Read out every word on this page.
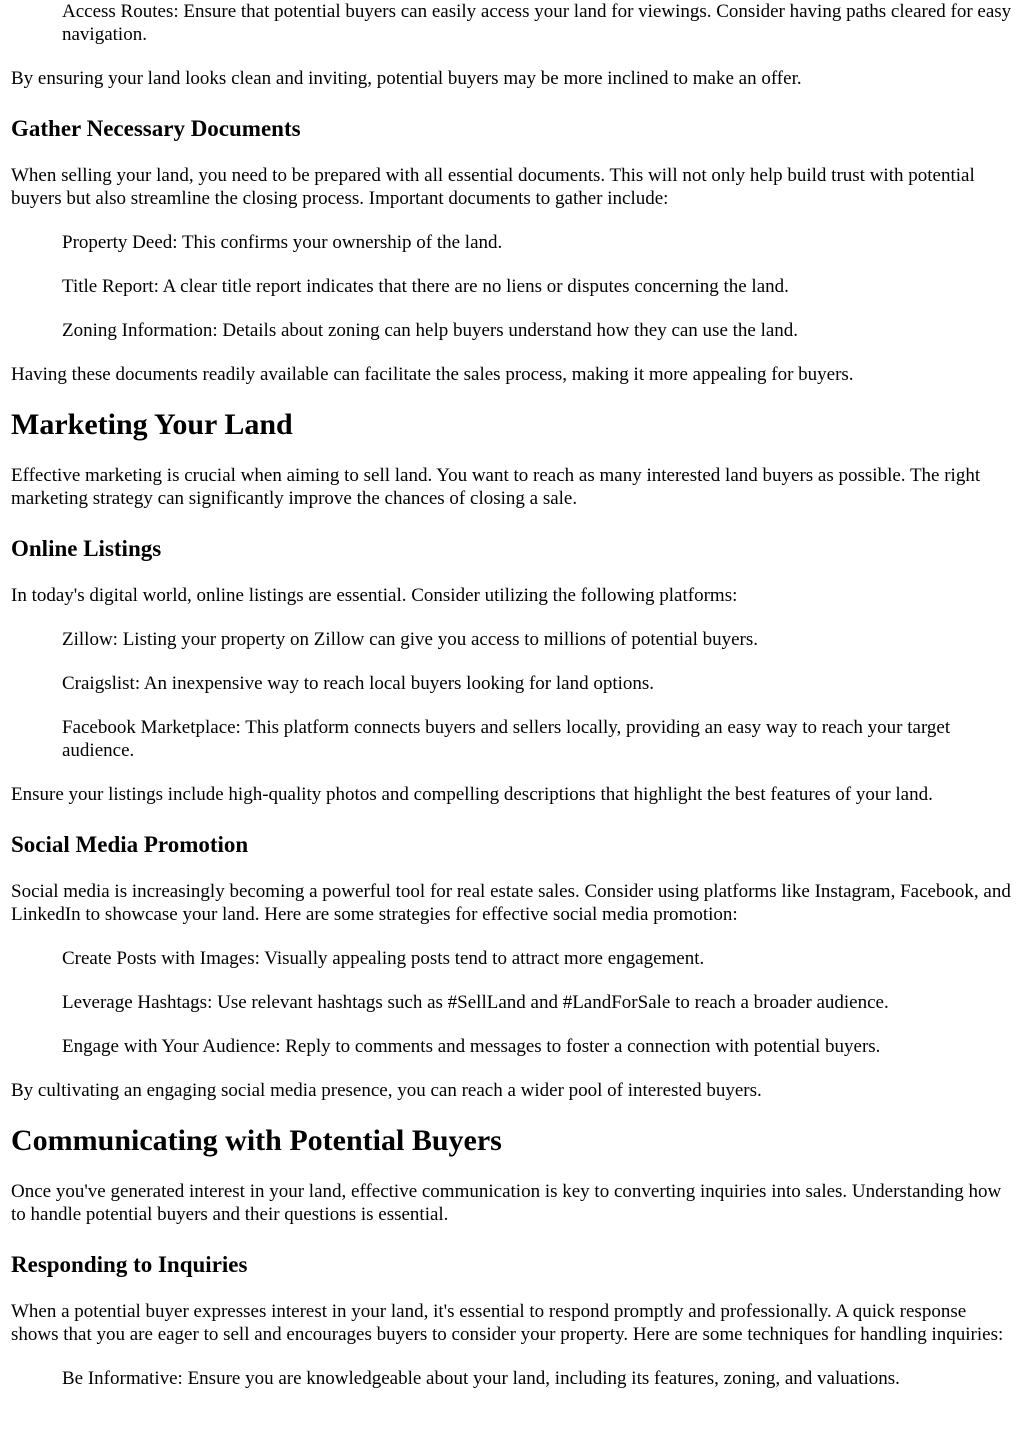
Access Routes: Ensure that potential buyers can easily access your land for viewings. Consider having paths cleared for easy navigation.

By ensuring your land looks clean and inviting, potential buyers may be more inclined to make an offer.

Gather Necessary Documents

When selling your land, you need to be prepared with all essential documents. This will not only help build trust with potential buyers but also streamline the closing process. Important documents to gather include:

Property Deed: This confirms your ownership of the land.

Title Report: A clear title report indicates that there are no liens or disputes concerning the land.

Zoning Information: Details about zoning can help buyers understand how they can use the land.

Having these documents readily available can facilitate the sales process, making it more appealing for buyers.

Marketing Your Land

Effective marketing is crucial when aiming to sell land. You want to reach as many interested land buyers as possible. The right marketing strategy can significantly improve the chances of closing a sale.

Online Listings

In today's digital world, online listings are essential. Consider utilizing the following platforms:

Zillow: Listing your property on Zillow can give you access to millions of potential buyers.

Craigslist: An inexpensive way to reach local buyers looking for land options.

Facebook Marketplace: This platform connects buyers and sellers locally, providing an easy way to reach your target audience.

Ensure your listings include high-quality photos and compelling descriptions that highlight the best features of your land.

Social Media Promotion

Social media is increasingly becoming a powerful tool for real estate sales. Consider using platforms like Instagram, Facebook, and LinkedIn to showcase your land. Here are some strategies for effective social media promotion:

Create Posts with Images: Visually appealing posts tend to attract more engagement.

Leverage Hashtags: Use relevant hashtags such as #SellLand and #LandForSale to reach a broader audience.

Engage with Your Audience: Reply to comments and messages to foster a connection with potential buyers.

By cultivating an engaging social media presence, you can reach a wider pool of interested buyers.

Communicating with Potential Buyers

Once you've generated interest in your land, effective communication is key to converting inquiries into sales. Understanding how to handle potential buyers and their questions is essential.

Responding to Inquiries

When a potential buyer expresses interest in your land, it's essential to respond promptly and professionally. A quick response shows that you are eager to sell and encourages buyers to consider your property. Here are some techniques for handling inquiries:

Be Informative: Ensure you are knowledgeable about your land, including its features, zoning, and valuations.
